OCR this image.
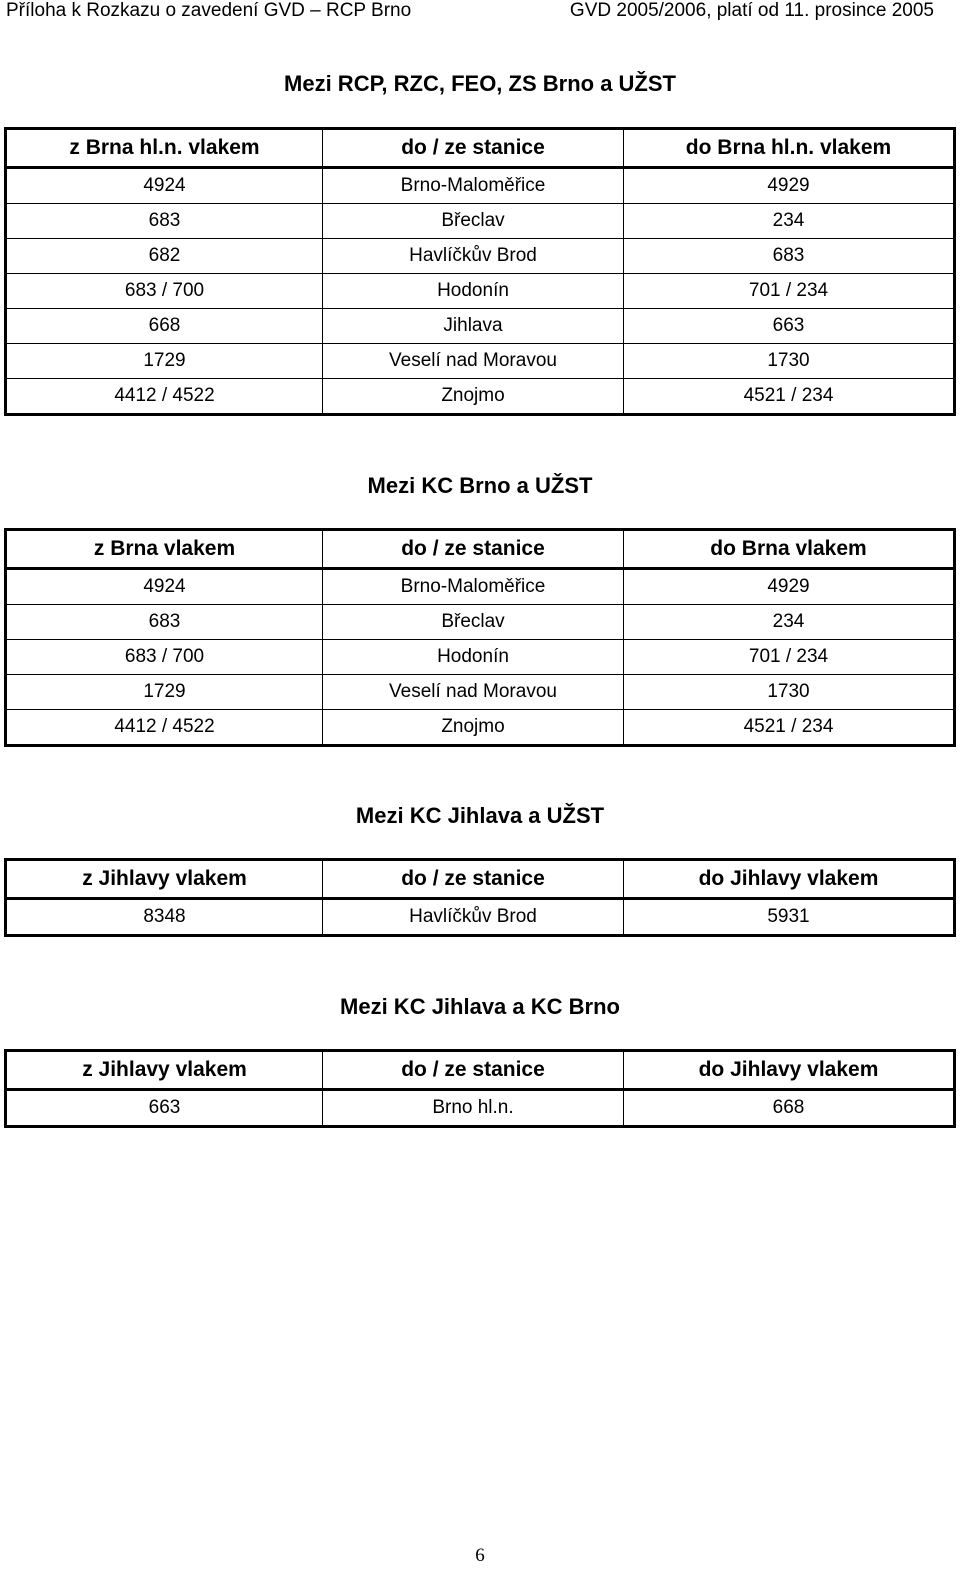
Příloha k Rozkazu o zavedení GVD – RCP Brno	GVD 2005/2006, platí od 11. prosince 2005
Mezi RCP, RZC, FEO, ZS Brno a UŽST
z Brna hl.n. vlakem	do / ze stanice	do Brna hl.n. vlakem
4924	Brno-Maloměřice	4929
683	Břeclav	234
682	Havlíčkův Brod	683
683 / 700	Hodonín	701 / 234
668	Jihlava	663
1729	Veselí nad Moravou	1730
4412 / 4522	Znojmo	4521 / 234
Mezi KC Brno a UŽST
z Brna vlakem	do / ze stanice	do Brna vlakem
4924	Brno-Maloměřice	4929
683	Břeclav	234
683 / 700	Hodonín	701 / 234
1729	Veselí nad Moravou	1730
4412 / 4522	Znojmo	4521 / 234
Mezi KC Jihlava a UŽST
z Jihlavy vlakem	do / ze stanice	do Jihlavy vlakem
8348	Havlíčkův Brod	5931
Mezi KC Jihlava a KC Brno
z Jihlavy vlakem	do / ze stanice	do Jihlavy vlakem
663	Brno hl.n.	668
6
